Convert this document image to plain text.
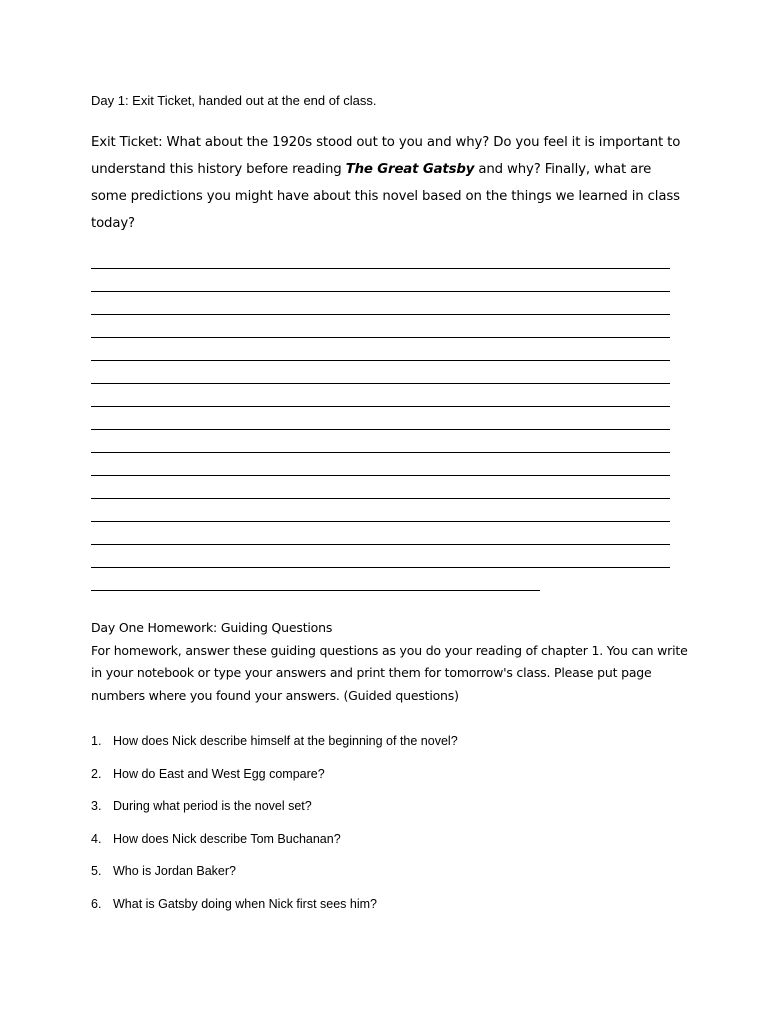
Day 1: Exit Ticket, handed out at the end of class.
Exit Ticket: What about the 1920s stood out to you and why? Do you feel it is important to understand this history before reading The Great Gatsby and why? Finally, what are some predictions you might have about this novel based on the things we learned in class today?

Day One Homework: Guiding Questions

For homework, answer these guiding questions as you do your reading of chapter 1. You can write in your notebook or type your answers and print them for tomorrow's class. Please put page numbers where you found your answers. (Guided questions)

1. How does Nick describe himself at the beginning of the novel?
2. How do East and West Egg compare?
3. During what period is the novel set?
4. How does Nick describe Tom Buchanan?
5. Who is Jordan Baker?
6. What is Gatsby doing when Nick first sees him?
